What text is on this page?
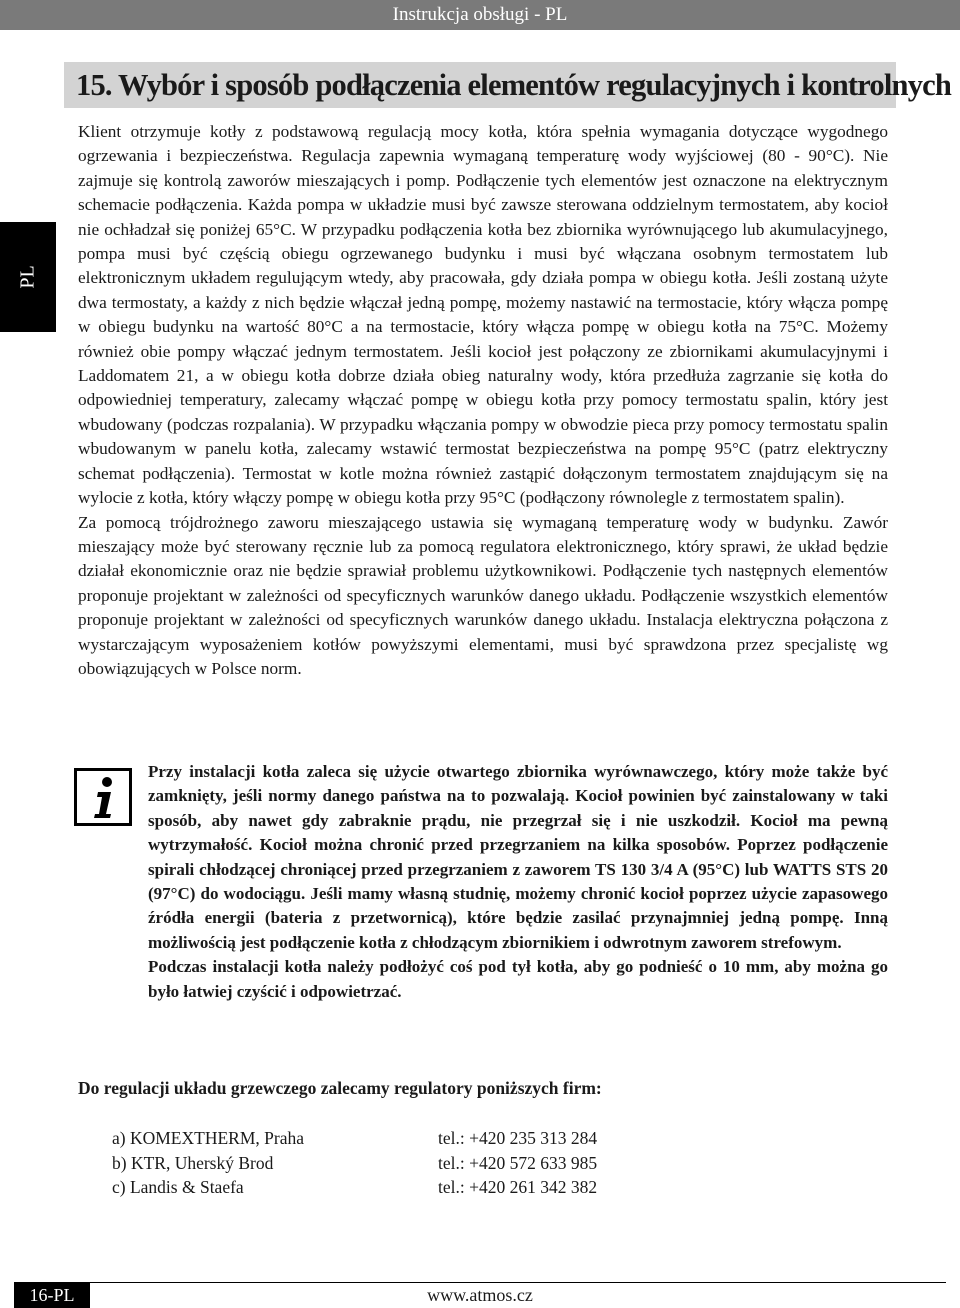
Instrukcja obsługi - PL
PL
15. Wybór i sposób podłączenia elementów regulacyjnych i kontrolnych

Klient otrzymuje kotły z podstawową regulacją mocy kotła, która spełnia wymagania dotyczące wygodnego ogrzewania i bezpieczeństwa. Regulacja zapewnia wymaganą temperaturę wody wyjściowej (80 - 90°C). Nie zajmuje się kontrolą zaworów mieszających i pomp. Podłączenie tych elementów jest oznaczone na elektrycznym schemacie podłączenia. Każda pompa w układzie musi być zawsze sterowana oddzielnym termostatem, aby kocioł nie ochładzał się poniżej 65°C. W przypadku podłączenia kotła bez zbiornika wyrównującego lub akumulacyjnego, pompa musi być częścią obiegu ogrzewanego budynku i musi być włączana osobnym termostatem lub elektronicznym układem regulującym wtedy, aby pracowała, gdy działa pompa w obiegu kotła. Jeśli zostaną użyte dwa termostaty, a każdy z nich będzie włączał jedną pompę, możemy nastawić na termostacie, który włącza pompę w obiegu budynku na wartość 80°C a na termostacie, który włącza pompę w obiegu kotła na 75°C. Możemy również obie pompy włączać jednym termostatem. Jeśli kocioł jest połączony ze zbiornikami akumulacyjnymi i Laddomatem 21, a w obiegu kotła dobrze działa obieg naturalny wody, która przedłuża zagrzanie się kotła do odpowiedniej temperatury, zalecamy włączać pompę w obiegu kotła przy pomocy termostatu spalin, który jest wbudowany (podczas rozpalania). W przypadku włączania pompy w obwodzie pieca przy pomocy termostatu spalin wbudowanym w panelu kotła, zalecamy wstawić termostat bezpieczeństwa na pompę 95°C (patrz elektryczny schemat podłączenia). Termostat w kotle można również zastąpić dołączonym termostatem znajdującym się na wylocie z kotła, który włączy pompę w obiegu kotła przy 95°C (podłączony równolegle z termostatem spalin).

Za pomocą trójdrożnego zaworu mieszającego ustawia się wymaganą temperaturę wody w budynku. Zawór mieszający może być sterowany ręcznie lub za pomocą regulatora elektronicznego, który sprawi, że układ będzie działał ekonomicznie oraz nie będzie sprawiał problemu użytkownikowi. Podłączenie tych następnych elementów proponuje projektant w zależności od specyficznych warunków danego układu. Podłączenie wszystkich elementów proponuje projektant w zależności od specyficznych warunków danego układu. Instalacja elektryczna połączona z wystarczającym wyposażeniem kotłów powyższymi elementami, musi być sprawdzona przez specjalistę wg obowiązujących w Polsce norm.

Przy instalacji kotła zaleca się użycie otwartego zbiornika wyrównawczego, który może także być zamknięty, jeśli normy danego państwa na to pozwalają. Kocioł powinien być zainstalowany w taki sposób, aby nawet gdy zabraknie prądu, nie przegrzał się i nie uszkodził. Kocioł ma pewną wytrzymałość. Kocioł można chronić przed przegrzaniem na kilka sposobów. Poprzez podłączenie spirali chłodzącej chroniącej przed przegrzaniem z zaworem TS 130 3/4 A (95°C) lub WATTS STS 20 (97°C) do wodociągu. Jeśli mamy własną studnię, możemy chronić kocioł poprzez użycie zapasowego źródła energii (bateria z przetwornicą), które będzie zasilać przynajmniej jedną pompę. Inną możliwością jest podłączenie kotła z chłodzącym zbiornikiem i odwrotnym zaworem strefowym.

Podczas instalacji kotła należy podłożyć coś pod tył kotła, aby go podnieść o 10 mm, aby można go było łatwiej czyścić i odpowietrzać.

Do regulacji układu grzewczego zalecamy regulatory poniższych firm:
a) KOMEXTHERM, Praha	tel.: +420 235 313 284
b) KTR, Uherský Brod	tel.: +420 572 633 985
c) Landis & Staefa	tel.: +420 261 342 382
16-PL	www.atmos.cz
